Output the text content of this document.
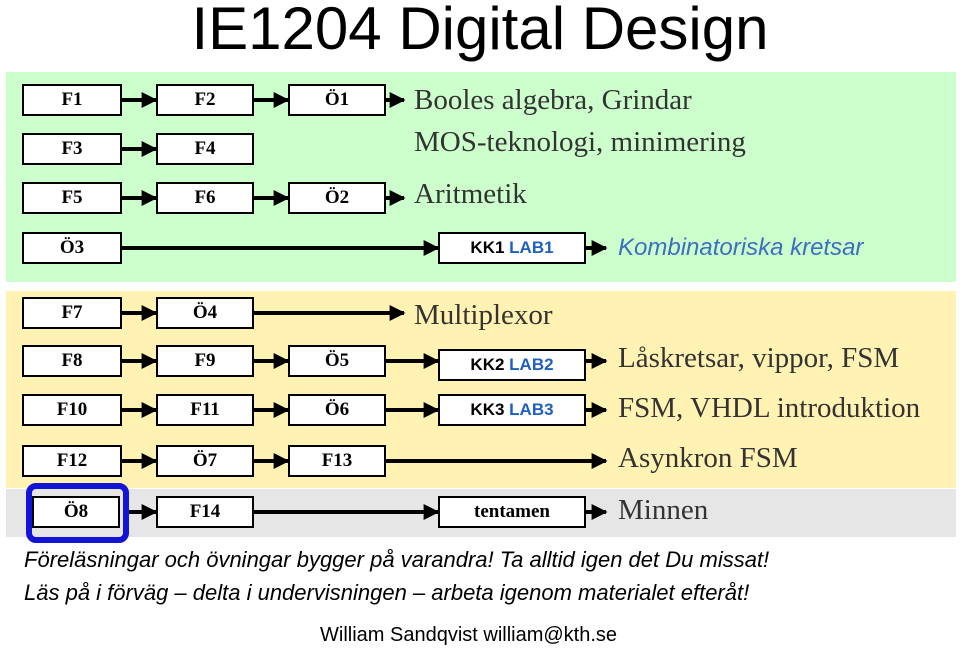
IE1204 Digital Design
F1	F2	Ö1	Booles algebra, Grindar
F3	F4	MOS-teknologi, minimering
F5	F6	Ö2	Aritmetik
Ö3	KK1 LAB1	Kombinatoriska kretsar
F7	Ö4	Multiplexor
F8	F9	Ö5	KK2 LAB2	Låskretsar, vippor, FSM
F10	F11	Ö6	KK3 LAB3	FSM, VHDL introduktion
F12	Ö7	F13	Asynkron FSM
Ö8	F14	tentamen	Minnen
Föreläsningar och övningar bygger på varandra! Ta alltid igen det Du missat!
Läs på i förväg – delta i undervisningen – arbeta igenom materialet efteråt!
William Sandqvist william@kth.se
